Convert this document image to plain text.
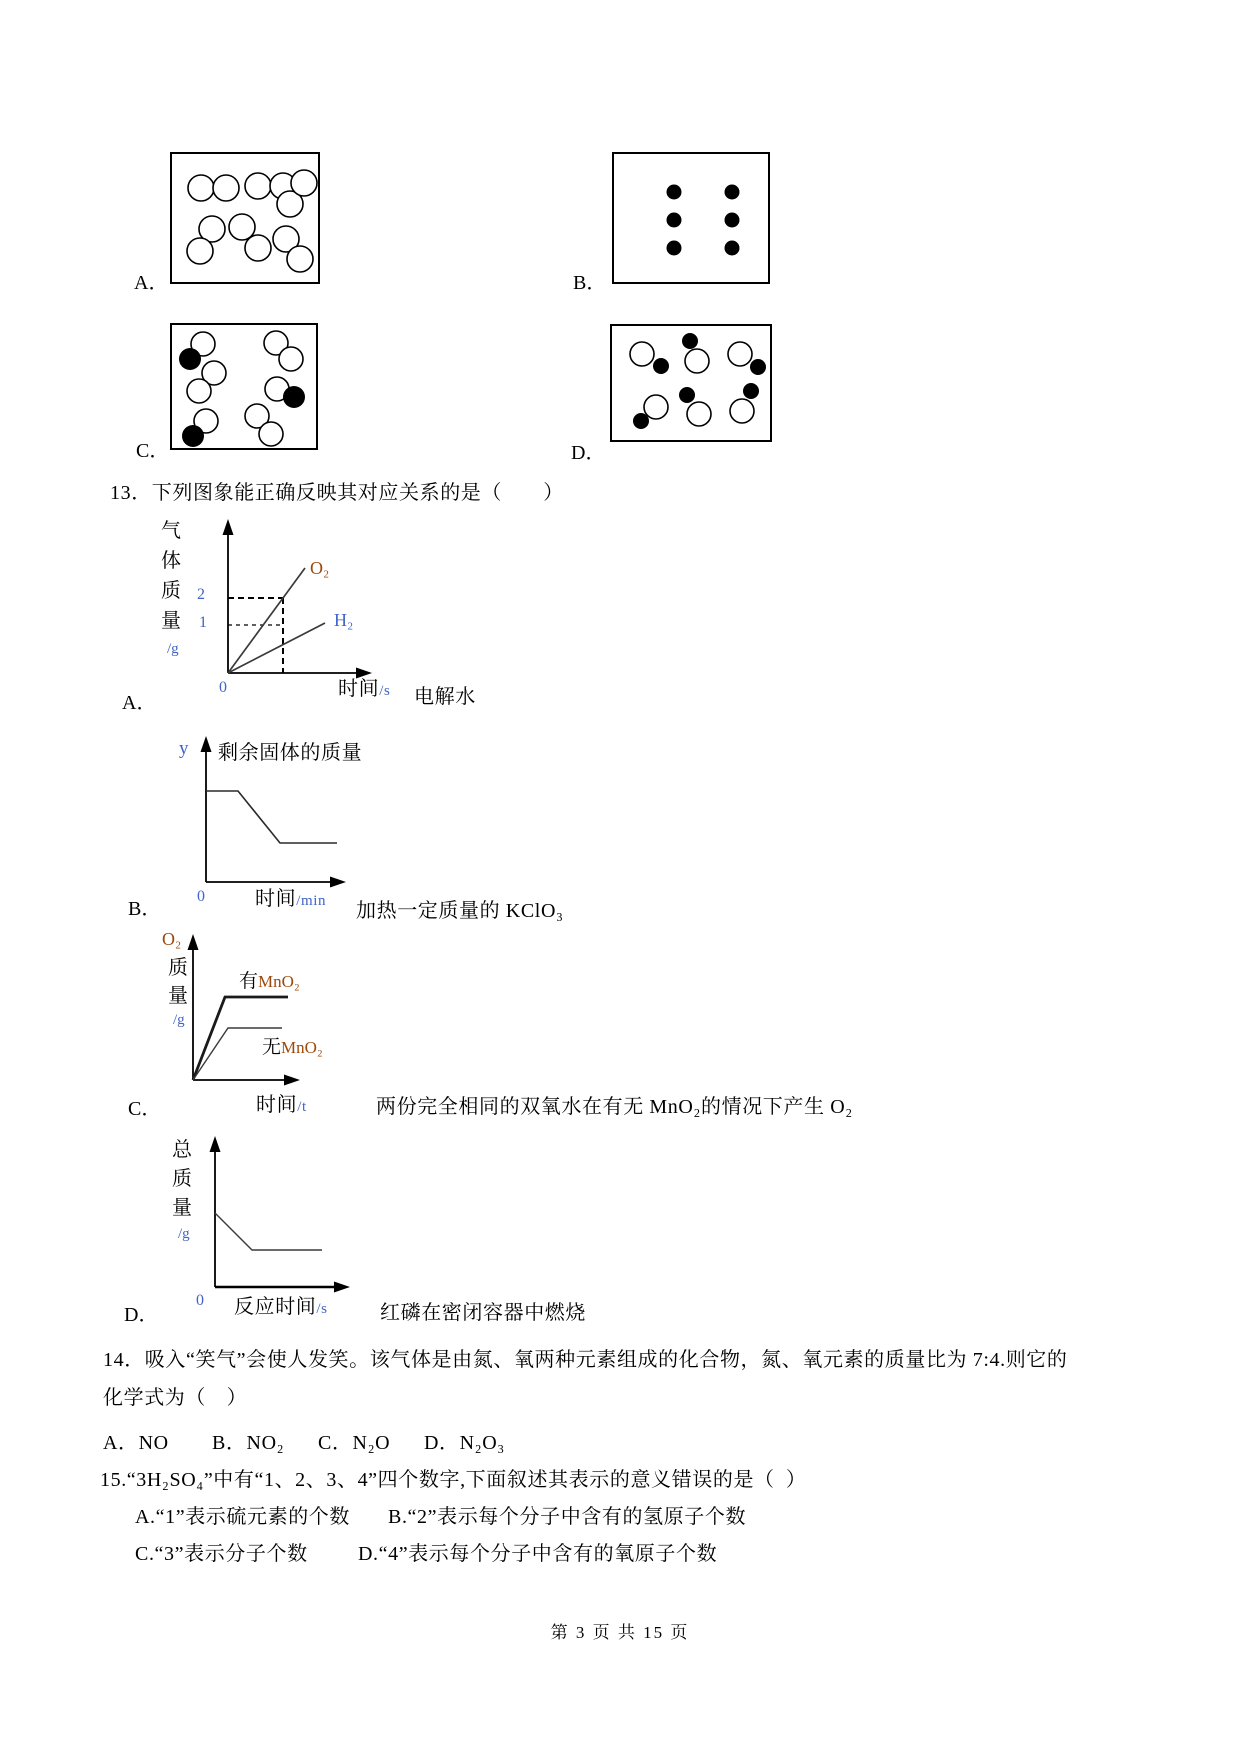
A．	B．
C．	D．
13．下列图象能正确反映其对应关系的是（　　）
气
体
质
量
/g
2
1
O₂
H₂
0	时间/s 电解水
A．
y 剩余固体的质量
0	时间/min
B．	加热一定质量的 KClO₃
O₂
质
量
/g
有MnO₂
无MnO₂
时间/t
C．	两份完全相同的双氧水在有无 MnO₂的情况下产生 O₂
总
质
量
/g
0 反应时间/s
D．	红磷在密闭容器中燃烧
14．吸入“笑气”会使人发笑。该气体是由氮、氧两种元素组成的化合物，氮、氧元素的质量比为 7:4.则它的
化学式为（　）
A．NO B．NO₂ C．N₂O D．N₂O₃
15.“3H₂SO₄”中有“1、2、3、4”四个数字,下面叙述其表示的意义错误的是（  ）
A.“1”表示硫元素的个数 B.“2”表示每个分子中含有的氢原子个数
C.“3”表示分子个数	D.“4”表示每个分子中含有的氧原子个数
第 3 页 共 15 页
